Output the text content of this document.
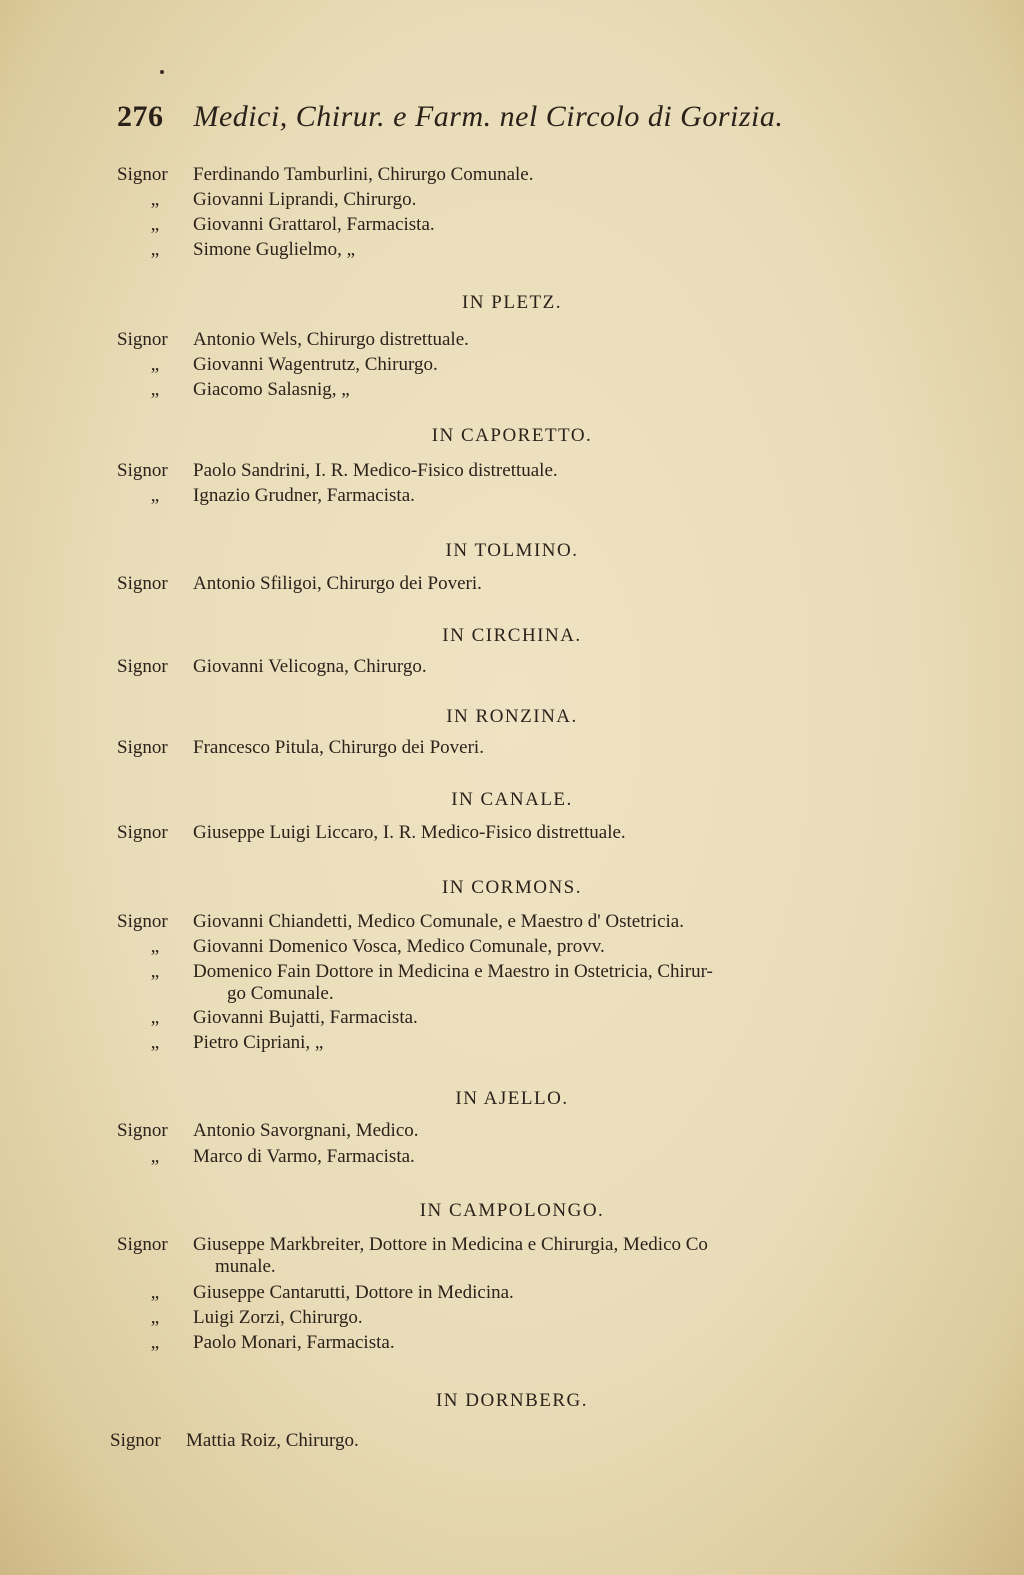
276 Medici, Chirur. e Farm. nel Circolo di Gorizia.
Signor Ferdinando Tamburlini, Chirurgo Comunale.
„ Giovanni Liprandi, Chirurgo.
„ Giovanni Grattarol, Farmacista.
„ Simone Guglielmo, „
IN PLETZ.
Signor Antonio Wels, Chirurgo distrettuale.
„ Giovanni Wagentrutz, Chirurgo.
„ Giacomo Salasnig, „
IN CAPORETTO.
Signor Paolo Sandrini, I. R. Medico-Fisico distrettuale.
„ Ignazio Grudner, Farmacista.
IN TOLMINO.
Signor Antonio Sfiligoi, Chirurgo dei Poveri.
IN CIRCHINA.
Signor Giovanni Velicogna, Chirurgo.
IN RONZINA.
Signor Francesco Pitula, Chirurgo dei Poveri.
IN CANALE.
Signor Giuseppe Luigi Liccaro, I. R. Medico-Fisico distrettuale.
IN CORMONS.
Signor Giovanni Chiandetti, Medico Comunale, e Maestro d' Ostetricia.
„ Giovanni Domenico Vosca, Medico Comunale, provv.
„ Domenico Fain Dottore in Medicina e Maestro in Ostetricia, Chirur-
go Comunale.
„ Giovanni Bujatti, Farmacista.
„ Pietro Cipriani, „
IN AJELLO.
Signor Antonio Savorgnani, Medico.
„ Marco di Varmo, Farmacista.
IN CAMPOLONGO.
Signor Giuseppe Markbreiter, Dottore in Medicina e Chirurgia, Medico Co
munale.
„ Giuseppe Cantarutti, Dottore in Medicina.
„ Luigi Zorzi, Chirurgo.
„ Paolo Monari, Farmacista.
IN DORNBERG.
Signor Mattia Roiz, Chirurgo.
